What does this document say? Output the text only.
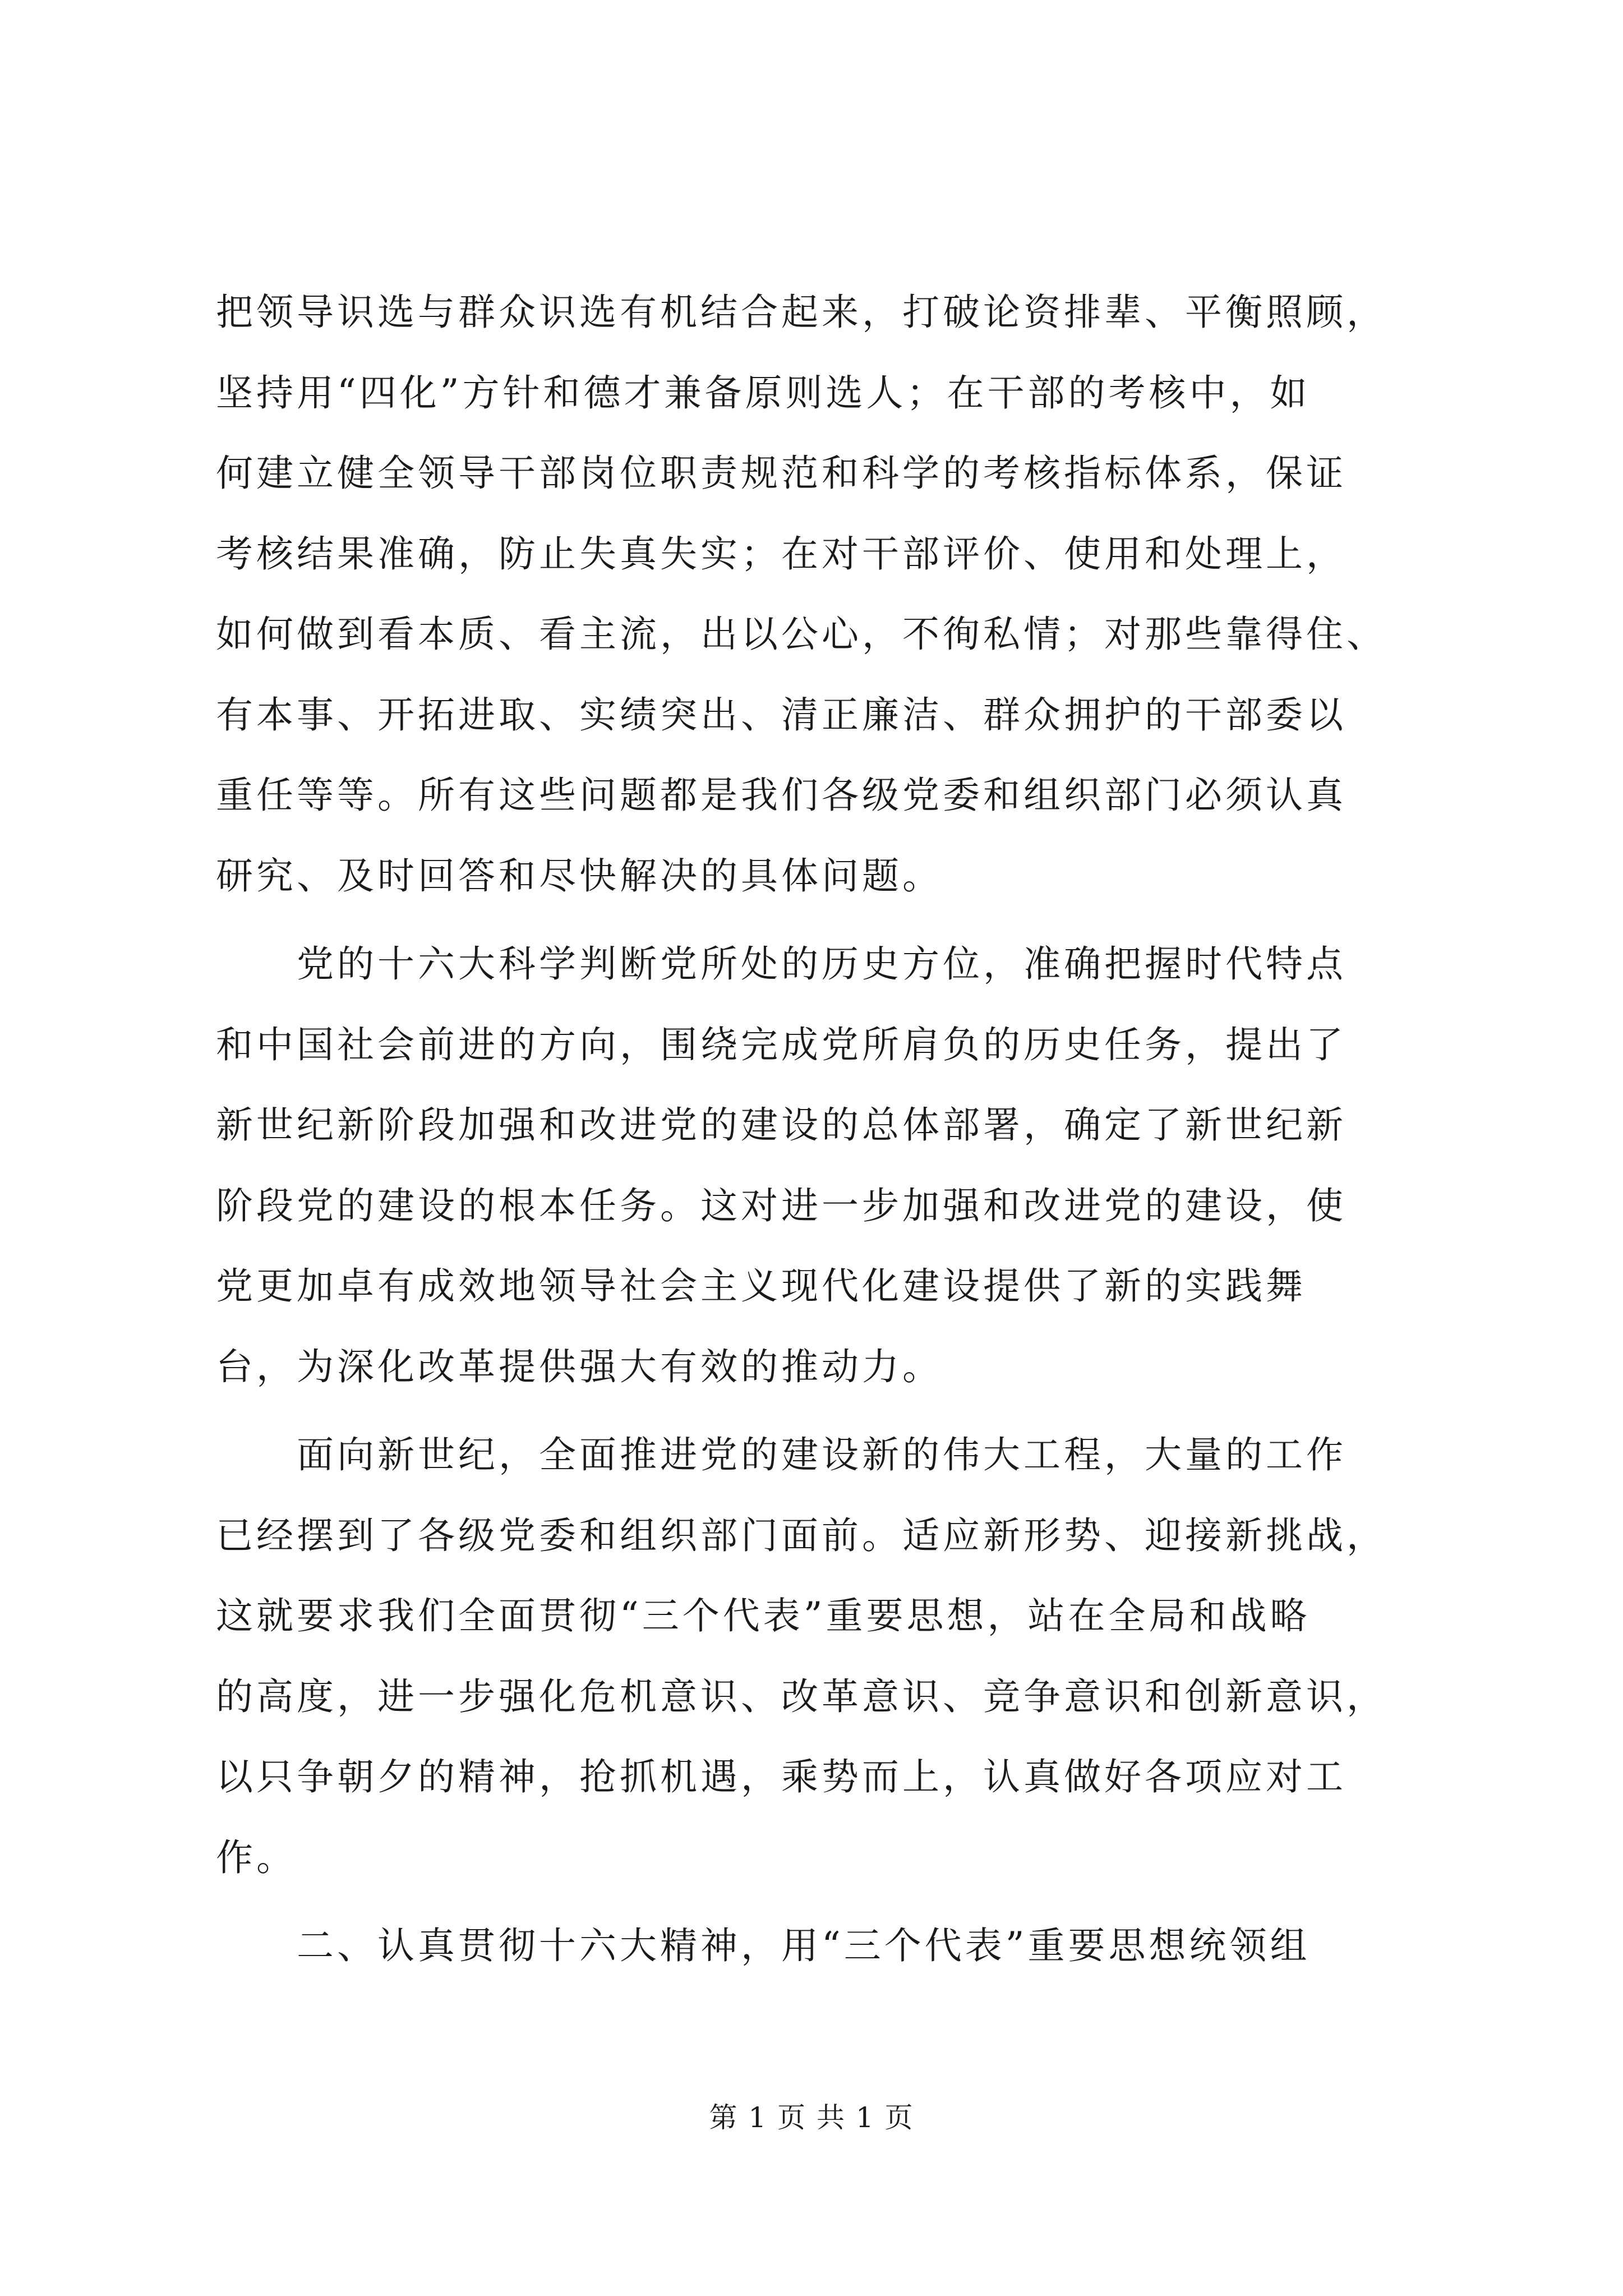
把领导识选与群众识选有机结合起来，打破论资排辈、平衡照顾，
坚持用“四化”方针和德才兼备原则选人；在干部的考核中，如
何建立健全领导干部岗位职责规范和科学的考核指标体系，保证
考核结果准确，防止失真失实；在对干部评价、使用和处理上，
如何做到看本质、看主流，出以公心，不徇私情；对那些靠得住、
有本事、开拓进取、实绩突出、清正廉洁、群众拥护的干部委以
重任等等。所有这些问题都是我们各级党委和组织部门必须认真
研究、及时回答和尽快解决的具体问题。
　　党的十六大科学判断党所处的历史方位，准确把握时代特点
和中国社会前进的方向，围绕完成党所肩负的历史任务，提出了
新世纪新阶段加强和改进党的建设的总体部署，确定了新世纪新
阶段党的建设的根本任务。这对进一步加强和改进党的建设，使
党更加卓有成效地领导社会主义现代化建设提供了新的实践舞
台，为深化改革提供强大有效的推动力。
　　面向新世纪，全面推进党的建设新的伟大工程，大量的工作
已经摆到了各级党委和组织部门面前。适应新形势、迎接新挑战，
这就要求我们全面贯彻“三个代表”重要思想，站在全局和战略
的高度，进一步强化危机意识、改革意识、竞争意识和创新意识，
以只争朝夕的精神，抢抓机遇，乘势而上，认真做好各项应对工
作。
　　二、认真贯彻十六大精神，用“三个代表”重要思想统领组
第 1 页 共 1 页
